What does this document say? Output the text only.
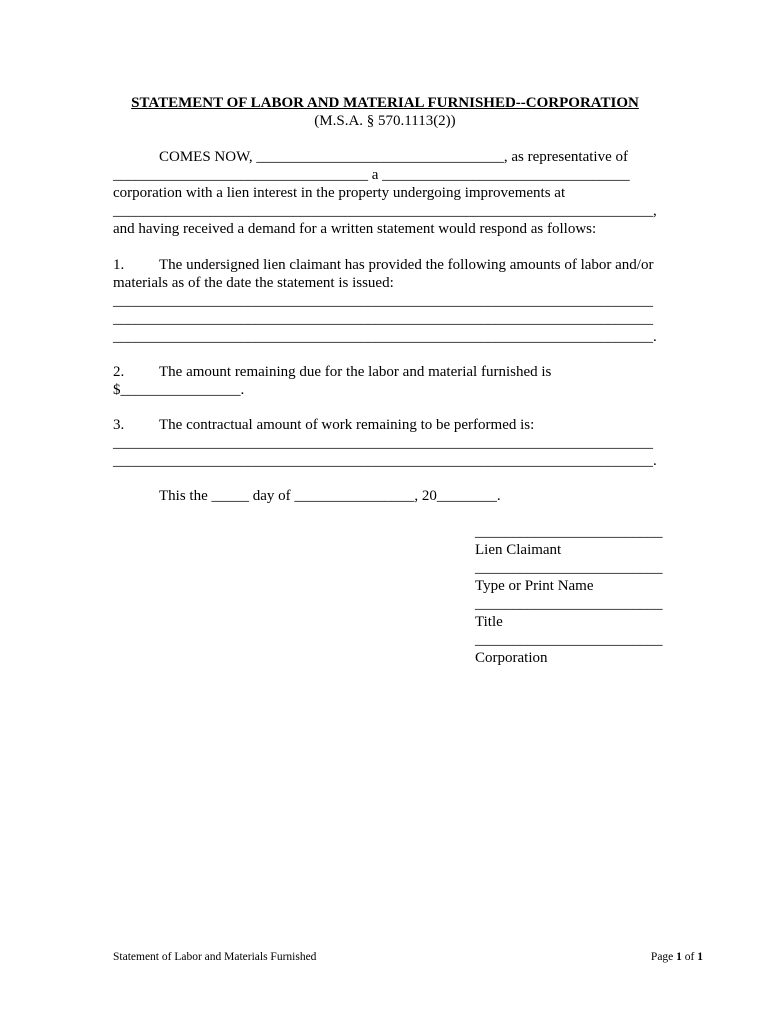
STATEMENT OF LABOR AND MATERIAL FURNISHED--CORPORATION
(M.S.A. § 570.1113(2))
COMES NOW, _________________________________, as representative of
__________________________________ a _________________________________
corporation with a lien interest in the property undergoing improvements at
________________________________________________________________________,
and having received a demand for a written statement would respond as follows:
1. The undersigned lien claimant has provided the following amounts of labor and/or
materials as of the date the statement is issued:
________________________________________________________________________
________________________________________________________________________
________________________________________________________________________.
2. The amount remaining due for the labor and material furnished is
$________________.
3. The contractual amount of work remaining to be performed is:
________________________________________________________________________
________________________________________________________________________.
This the _____ day of ________________, 20________.
_________________________
Lien Claimant
_________________________
Type or Print Name
_________________________
Title
_________________________
Corporation
Statement of Labor and Materials Furnished	Page 1 of 1
